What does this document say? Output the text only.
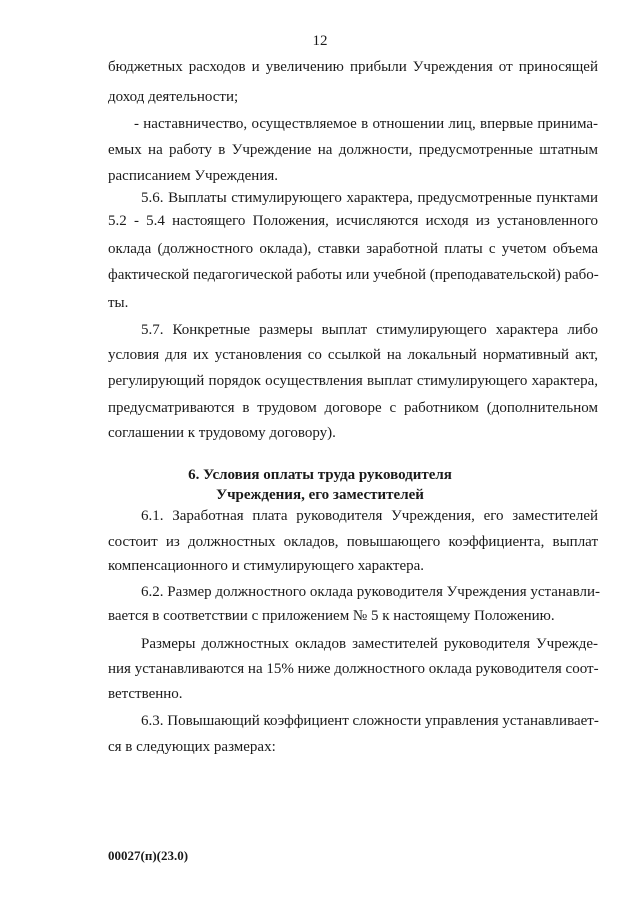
12
бюджетных расходов и увеличению прибыли Учреждения от приносящей
доход деятельности;
- наставничество, осуществляемое в отношении лиц, впервые принима-
емых на работу в Учреждение на должности, предусмотренные штатным
расписанием Учреждения.
5.6. Выплаты стимулирующего характера, предусмотренные пунктами
5.2 - 5.4 настоящего Положения, исчисляются исходя из установленного
оклада (должностного оклада), ставки заработной платы с учетом объема
фактической педагогической работы или учебной (преподавательской) рабо-
ты.
5.7. Конкретные размеры выплат стимулирующего характера либо
условия для их установления со ссылкой на локальный нормативный акт,
регулирующий порядок осуществления выплат стимулирующего характера,
предусматриваются в трудовом договоре с работником (дополнительном
соглашении к трудовому договору).
6. Условия оплаты труда руководителя
Учреждения, его заместителей
6.1. Заработная плата руководителя Учреждения, его заместителей
состоит из должностных окладов, повышающего коэффициента, выплат
компенсационного и стимулирующего характера.
6.2. Размер должностного оклада руководителя Учреждения устанавли-
вается в соответствии с приложением № 5 к настоящему Положению.
Размеры должностных окладов заместителей руководителя Учрежде-
ния устанавливаются на 15% ниже должностного оклада руководителя соот-
ветственно.
6.3. Повышающий коэффициент сложности управления устанавливает-
ся в следующих размерах:
00027(п)(23.0)
